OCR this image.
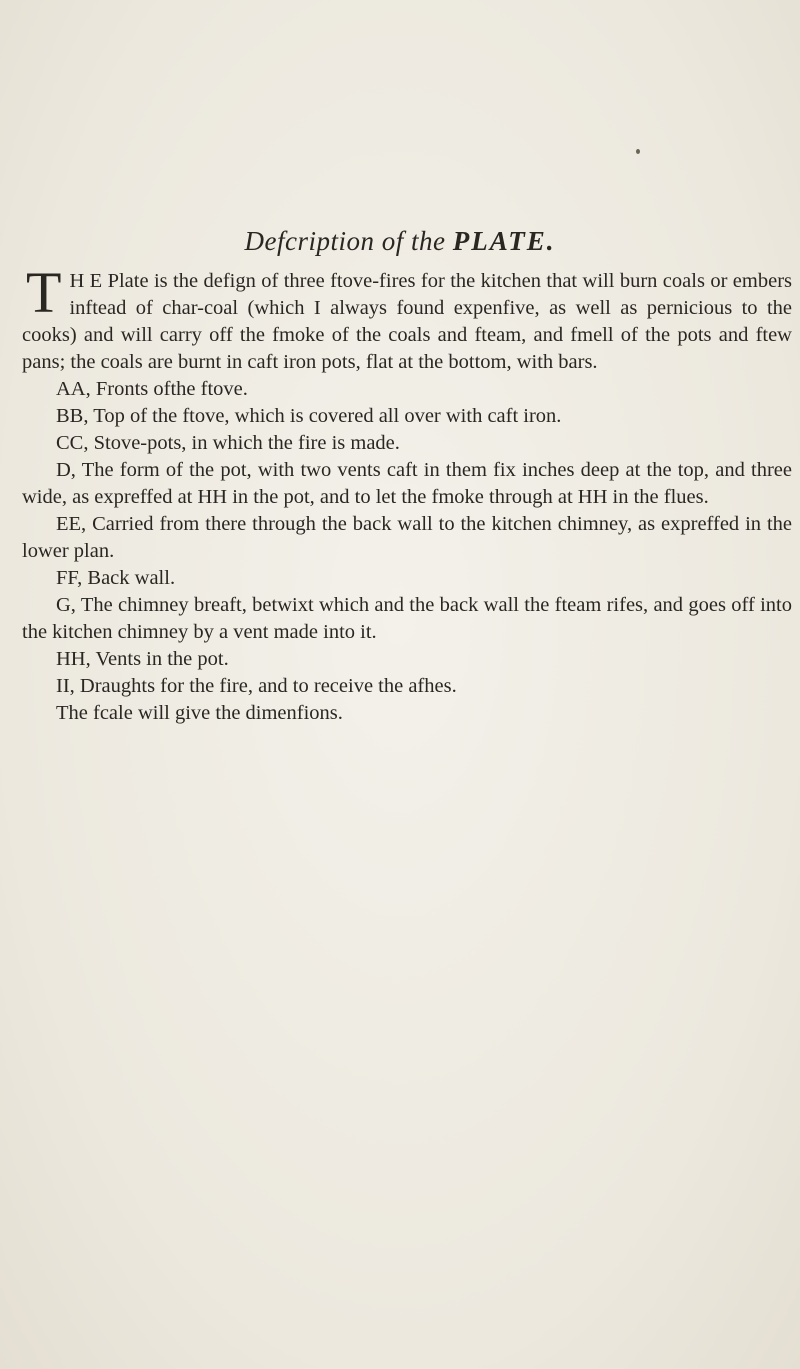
Defcription of the PLATE.

T H E Plate is the defign of three ftove-fires for the kitchen that will burn coals or embers inftead of char-coal (which I always found expenfive, as well as pernicious to the cooks) and will carry off the fmoke of the coals and fteam, and fmell of the pots and ftew pans; the coals are burnt in caft iron pots, flat at the bottom, with bars.

AA, Fronts ofthe ftove.

BB, Top of the ftove, which is covered all over with caft iron.

CC, Stove-pots, in which the fire is made.

D, The form of the pot, with two vents caft in them fix inches deep at the top, and three wide, as expreffed at HH in the pot, and to let the fmoke through at HH in the flues.

EE, Carried from there through the back wall to the kitchen chimney, as expreffed in the lower plan.

FF, Back wall.

G, The chimney breaft, betwixt which and the back wall the fteam rifes, and goes off into the kitchen chimney by a vent made into it.

HH, Vents in the pot.

II, Draughts for the fire, and to receive the afhes.

The fcale will give the dimenfions.
